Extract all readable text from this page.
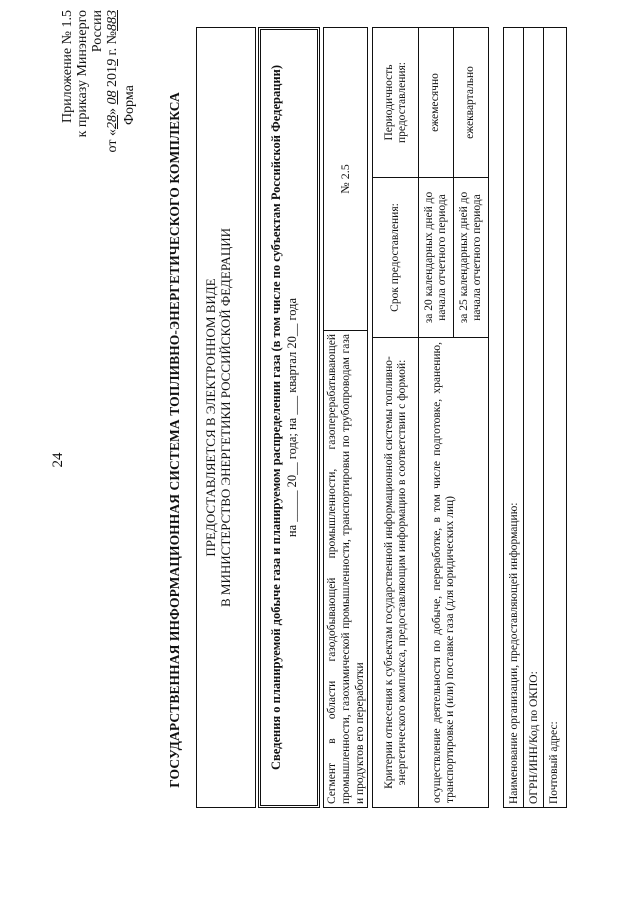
24
Приложение № 1.5 к приказу Минэнерго России
от «28» 08 2019 г. №883
Форма ГОСУДАРСТВЕННАЯ ИНФОРМАЦИОННАЯ СИСТЕМА ТОПЛИВНО-ЭНЕРГЕТИЧЕСКОГО КОМПЛЕКСА ПРЕДОСТАВЛЯЕТСЯ В ЭЛЕКТРОННОМ ВИДЕ В МИНИСТЕРСТВО ЭНЕРГЕТИКИ РОССИЙСКОЙ ФЕДЕРАЦИИ	Сведения о планируемой добыче газа и планируемом распределении газа (в том числе по субъектам Российской Федерации) на _____ 20__ года; на ___ квартал 20__ года Сегмент в области газодобывающей промышленности, газоперерабатывающей промышленности, газохимической промышленности, транспортировки по трубопроводам газа и продуктов его переработки
№ 2.5
Критерии отнесения к субъектам государственной информационной системы топливно-энергетического комплекса, предоставляющим информацию в соответствии с формой:
Срок предоставления:
Периодичность предоставления:
осуществление деятельности по добыче, переработке, в том числе подготовке, хранению, транспортировке и (или) поставке газа (для юридических лиц)
за 20 календарных дней до начала отчетного периода
ежемесячно
за 25 календарных дней до начала отчетного периода
ежеквартально
Наименование организации, предоставляющей информацию: ОГРН/ИНН/Код по ОКПО: Почтовый адрес:
